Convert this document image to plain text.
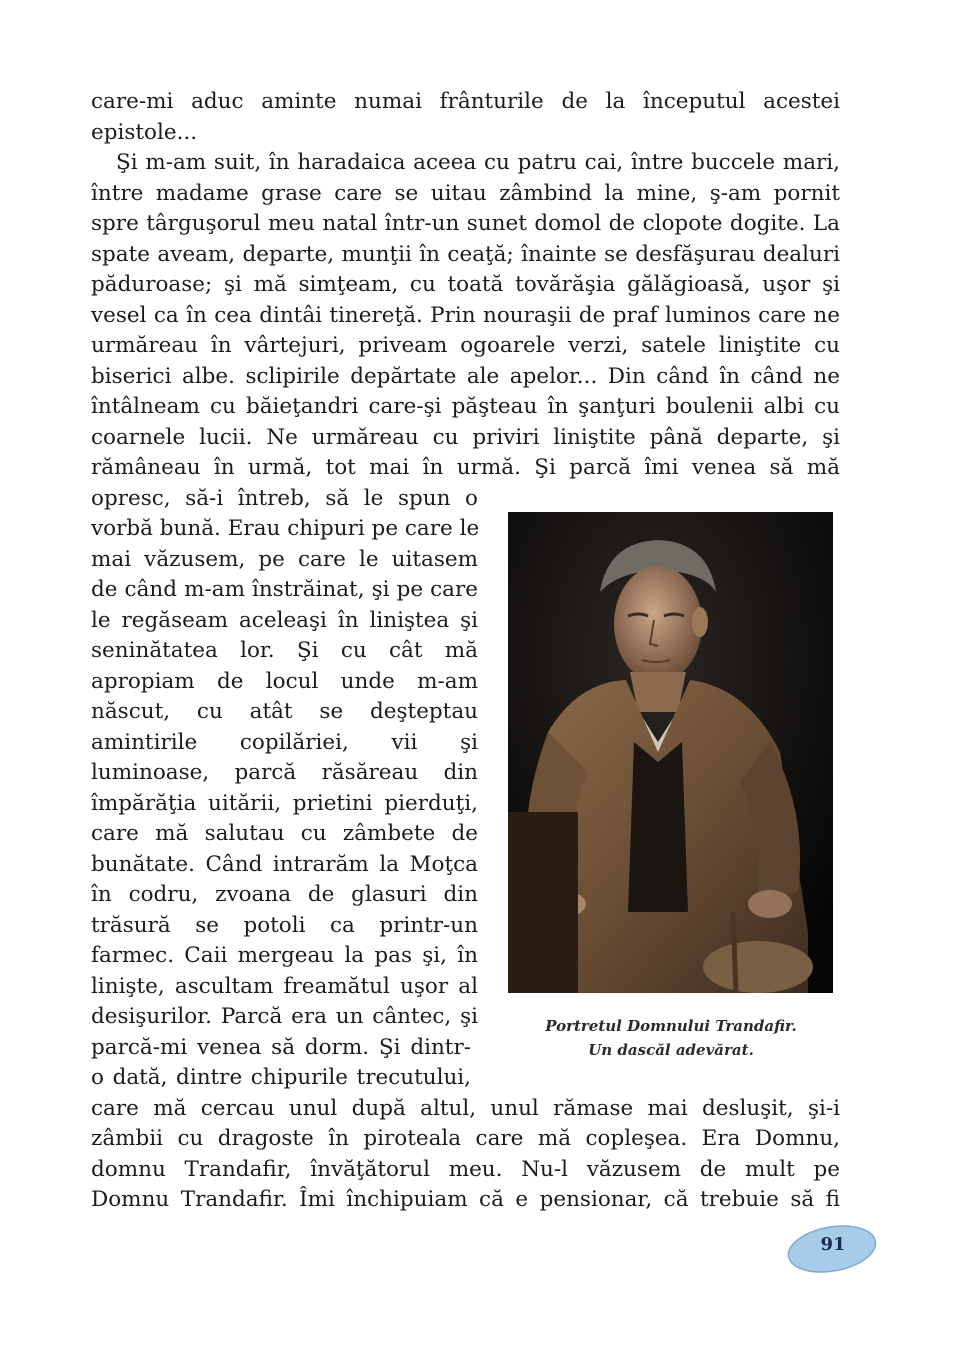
care-mi aduc aminte numai frânturile de la începutul acestei
epistole...
Şi m-am suit, în haradaica aceea cu patru cai, între buccele mari,
între madame grase care se uitau zâmbind la mine, ş-am pornit
spre târguşorul meu natal într-un sunet domol de clopote dogite. La
spate aveam, departe, munţii în ceaţă; înainte se desfăşurau dealuri
păduroase; şi mă simţeam, cu toată tovărăşia gălăgioasă, uşor şi
vesel ca în cea dintâi tinereţă. Prin nouraşii de praf luminos care ne
urmăreau în vârtejuri, priveam ogoarele verzi, satele liniştite cu
biserici albe. sclipirile depărtate ale apelor... Din când în când ne
întâlneam cu băieţandri care-şi păşteau în şanţuri boulenii albi cu
coarnele lucii. Ne urmăreau cu priviri liniştite până departe, şi
rămâneau în urmă, tot mai în urmă. Şi parcă îmi venea să mă
opresc, să-i întreb, să le spun o
vorbă bună. Erau chipuri pe care le
mai văzusem, pe care le uitasem
de când m-am înstrăinat, şi pe care
le regăseam aceleaşi în liniştea şi
seninătatea lor. Şi cu cât mă
apropiam de locul unde m-am
născut, cu atât se deşteptau
amintirile copilăriei, vii şi
luminoase, parcă răsăreau din
împărăţia uitării, prietini pierduţi,
care mă salutau cu zâmbete de
bunătate. Când intrarăm la Moţca
în codru, zvoana de glasuri din
trăsură se potoli ca printr-un
farmec. Caii mergeau la pas şi, în
linişte, ascultam freamătul uşor al
desişurilor. Parcă era un cântec, şi
parcă-mi venea să dorm. Şi dintr-
o dată, dintre chipurile trecutului,
care mă cercau unul după altul, unul rămase mai desluşit, şi-i
zâmbii cu dragoste în piroteala care mă copleşea. Era Domnu,
domnu Trandafir, învăţătorul meu. Nu-l văzusem de mult pe
Domnu Trandafir. Îmi închipuiam că e pensionar, că trebuie să fi
Portretul Domnului Trandafir.
Un dascăl adevărat.
91
